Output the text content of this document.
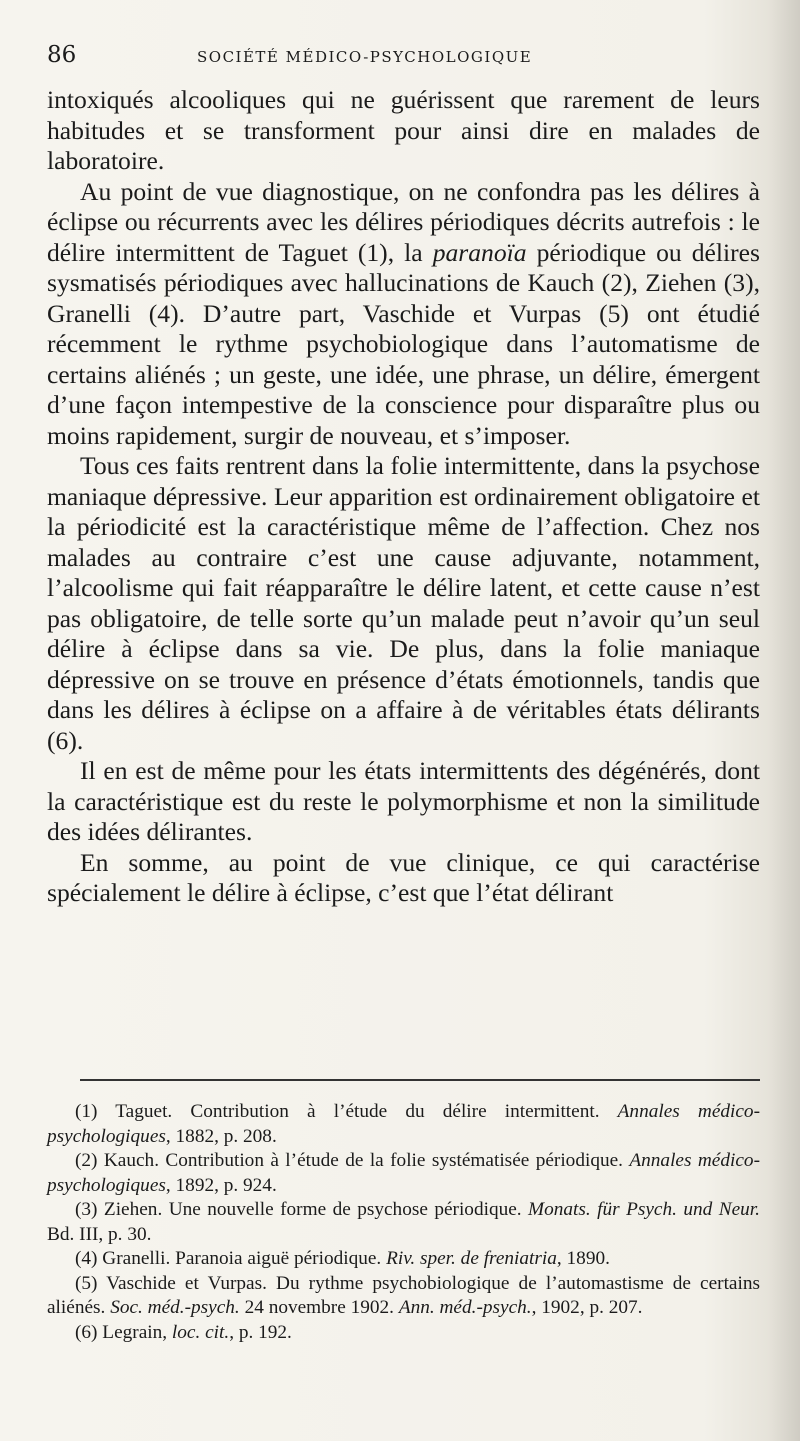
86	SOCIÉTÉ MÉDICO-PSYCHOLOGIQUE

intoxiqués alcooliques qui ne guérissent que rarement de leurs habitudes et se transforment pour ainsi dire en malades de laboratoire.

Au point de vue diagnostique, on ne confondra pas les délires à éclipse ou récurrents avec les délires périodiques décrits autrefois : le délire intermittent de Taguet (1), la paranoïa périodique ou délires sysmatisés périodiques avec hallucinations de Kauch (2), Ziehen (3), Granelli (4). D’autre part, Vaschide et Vurpas (5) ont étudié récemment le rythme psychobiologique dans l’automatisme de certains aliénés ; un geste, une idée, une phrase, un délire, émergent d’une façon intempestive de la conscience pour disparaître plus ou moins rapidement, surgir de nouveau, et s’imposer.

Tous ces faits rentrent dans la folie intermittente, dans la psychose maniaque dépressive. Leur apparition est ordinairement obligatoire et la périodicité est la caractéristique même de l’affection. Chez nos malades au contraire c’est une cause adjuvante, notamment, l’alcoolisme qui fait réapparaître le délire latent, et cette cause n’est pas obligatoire, de telle sorte qu’un malade peut n’avoir qu’un seul délire à éclipse dans sa vie. De plus, dans la folie maniaque dépressive on se trouve en présence d’états émotionnels, tandis que dans les délires à éclipse on a affaire à de véritables états délirants (6).

Il en est de même pour les états intermittents des dégénérés, dont la caractéristique est du reste le polymorphisme et non la similitude des idées délirantes.

En somme, au point de vue clinique, ce qui caractérise spécialement le délire à éclipse, c’est que l’état délirant

(1) Taguet. Contribution à l’étude du délire intermittent. Annales médico-psychologiques, 1882, p. 208.

(2) Kauch. Contribution à l’étude de la folie systématisée périodique. Annales médico-psychologiques, 1892, p. 924.

(3) Ziehen. Une nouvelle forme de psychose périodique. Monats. für Psych. und Neur. Bd. III, p. 30.

(4) Granelli. Paranoia aiguë périodique. Riv. sper. de freniatria, 1890.

(5) Vaschide et Vurpas. Du rythme psychobiologique de l’automastisme de certains aliénés. Soc. méd.-psych. 24 novembre 1902. Ann. méd.-psych., 1902, p. 207.

(6) Legrain, loc. cit., p. 192.
